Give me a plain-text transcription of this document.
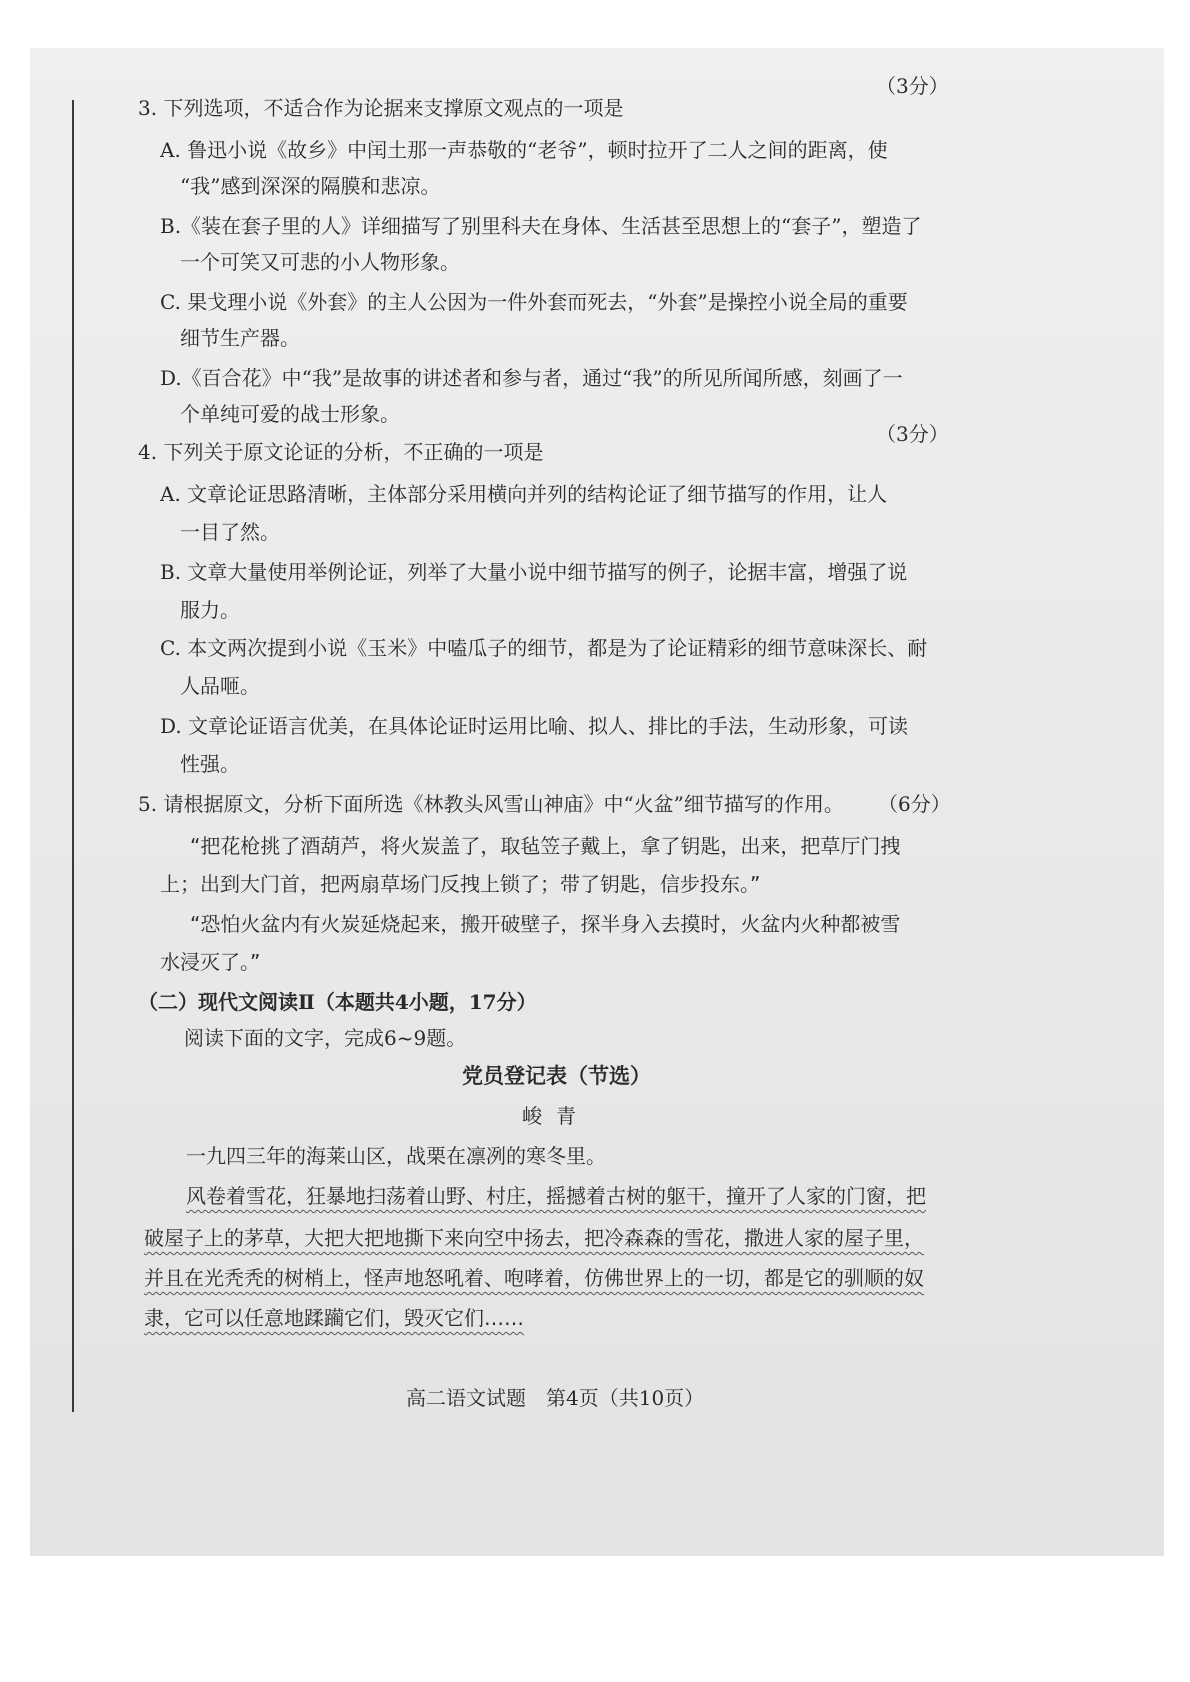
（3分）
3. 下列选项，不适合作为论据来支撑原文观点的一项是
A. 鲁迅小说《故乡》中闰土那一声恭敬的“老爷”，顿时拉开了二人之间的距离，使
“我”感到深深的隔膜和悲凉。
B.《装在套子里的人》详细描写了别里科夫在身体、生活甚至思想上的“套子”，塑造了
一个可笑又可悲的小人物形象。
C. 果戈理小说《外套》的主人公因为一件外套而死去，“外套”是操控小说全局的重要
细节生产器。
D.《百合花》中“我”是故事的讲述者和参与者，通过“我”的所见所闻所感，刻画了一
个单纯可爱的战士形象。
（3分）
4. 下列关于原文论证的分析，不正确的一项是
A. 文章论证思路清晰，主体部分采用横向并列的结构论证了细节描写的作用，让人
一目了然。
B. 文章大量使用举例论证，列举了大量小说中细节描写的例子，论据丰富，增强了说
服力。
C. 本文两次提到小说《玉米》中嗑瓜子的细节，都是为了论证精彩的细节意味深长、耐
人品咂。
D. 文章论证语言优美，在具体论证时运用比喻、拟人、排比的手法，生动形象，可读
性强。
5. 请根据原文，分析下面所选《林教头风雪山神庙》中“火盆”细节描写的作用。 （6分）
“把花枪挑了酒葫芦，将火炭盖了，取毡笠子戴上，拿了钥匙，出来，把草厅门拽
上；出到大门首，把两扇草场门反拽上锁了；带了钥匙，信步投东。”
“恐怕火盆内有火炭延烧起来，搬开破壁子，探半身入去摸时，火盆内火种都被雪
水浸灭了。”
（二）现代文阅读Ⅱ（本题共4小题，17分）
阅读下面的文字，完成6~9题。
党员登记表（节选）
峻青
一九四三年的海莱山区，战栗在凛冽的寒冬里。
风卷着雪花，狂暴地扫荡着山野、村庄，摇撼着古树的躯干，撞开了人家的门窗，把
破屋子上的茅草，大把大把地撕下来向空中扬去，把冷森森的雪花，撒进人家的屋子里，
并且在光秃秃的树梢上，怪声地怒吼着、咆哮着，仿佛世界上的一切，都是它的驯顺的奴
隶，它可以任意地蹂躏它们，毁灭它们……
高二语文试题　第4页（共10页）
